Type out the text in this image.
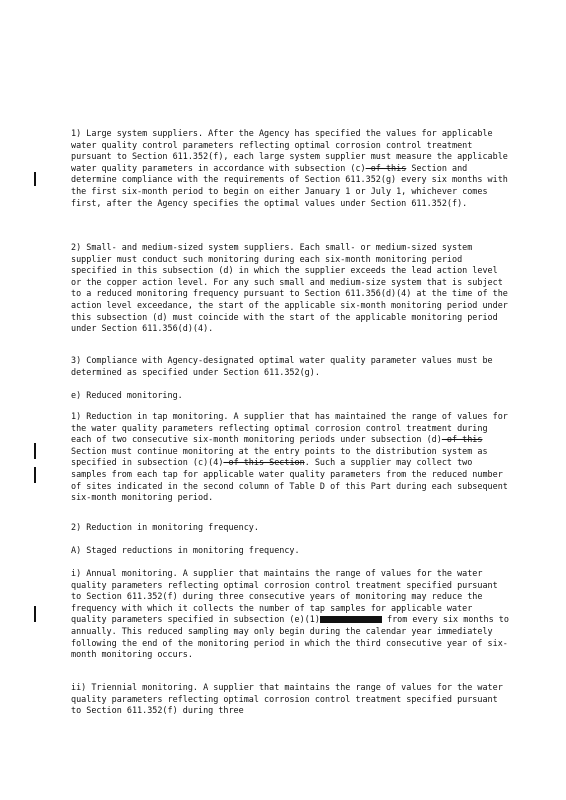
1) Large system suppliers. After the Agency has specified the values for applicable water quality control parameters reflecting optimal corrosion control treatment pursuant to Section 611.352(f), each large system supplier must measure the applicable water quality parameters in accordance with subsection (c) of this Section and determine compliance with the requirements of Section 611.352(g) every six months with the first six-month period to begin on either January 1 or July 1, whichever comes first, after the Agency specifies the optimal values under Section 611.352(f).

2) Small- and medium-sized system suppliers. Each small- or medium-sized system supplier must conduct such monitoring during each six-month monitoring period specified in this subsection (d) in which the supplier exceeds the lead action level or the copper action level. For any such small and medium-size system that is subject to a reduced monitoring frequency pursuant to Section 611.356(d)(4) at the time of the action level exceedance, the start of the applicable six-month monitoring period under this subsection (d) must coincide with the start of the applicable monitoring period under Section 611.356(d)(4).

3) Compliance with Agency-designated optimal water quality parameter values must be determined as specified under Section 611.352(g).

e) Reduced monitoring.

1) Reduction in tap monitoring. A supplier that has maintained the range of values for the water quality parameters reflecting optimal corrosion control treatment during each of two consecutive six-month monitoring periods under subsection (d) of this Section must continue monitoring at the entry points to the distribution system as specified in subsection (c)(4) of this Section. Such a supplier may collect two samples from each tap for applicable water quality parameters from the reduced number of sites indicated in the second column of Table D of this Part during each subsequent six-month monitoring period.

2) Reduction in monitoring frequency.

A) Staged reductions in monitoring frequency.

i) Annual monitoring. A supplier that maintains the range of values for the water quality parameters reflecting optimal corrosion control treatment specified pursuant to Section 611.352(f) during three consecutive years of monitoring may reduce the frequency with which it collects the number of tap samples for applicable water quality parameters specified in subsection (e)(1)	from every six months to annually. This reduced sampling may only begin during the calendar year immediately following the end of the monitoring period in which the third consecutive year of six-month monitoring occurs.

ii) Triennial monitoring. A supplier that maintains the range of values for the water quality parameters reflecting optimal corrosion control treatment specified pursuant to Section 611.352(f) during three
